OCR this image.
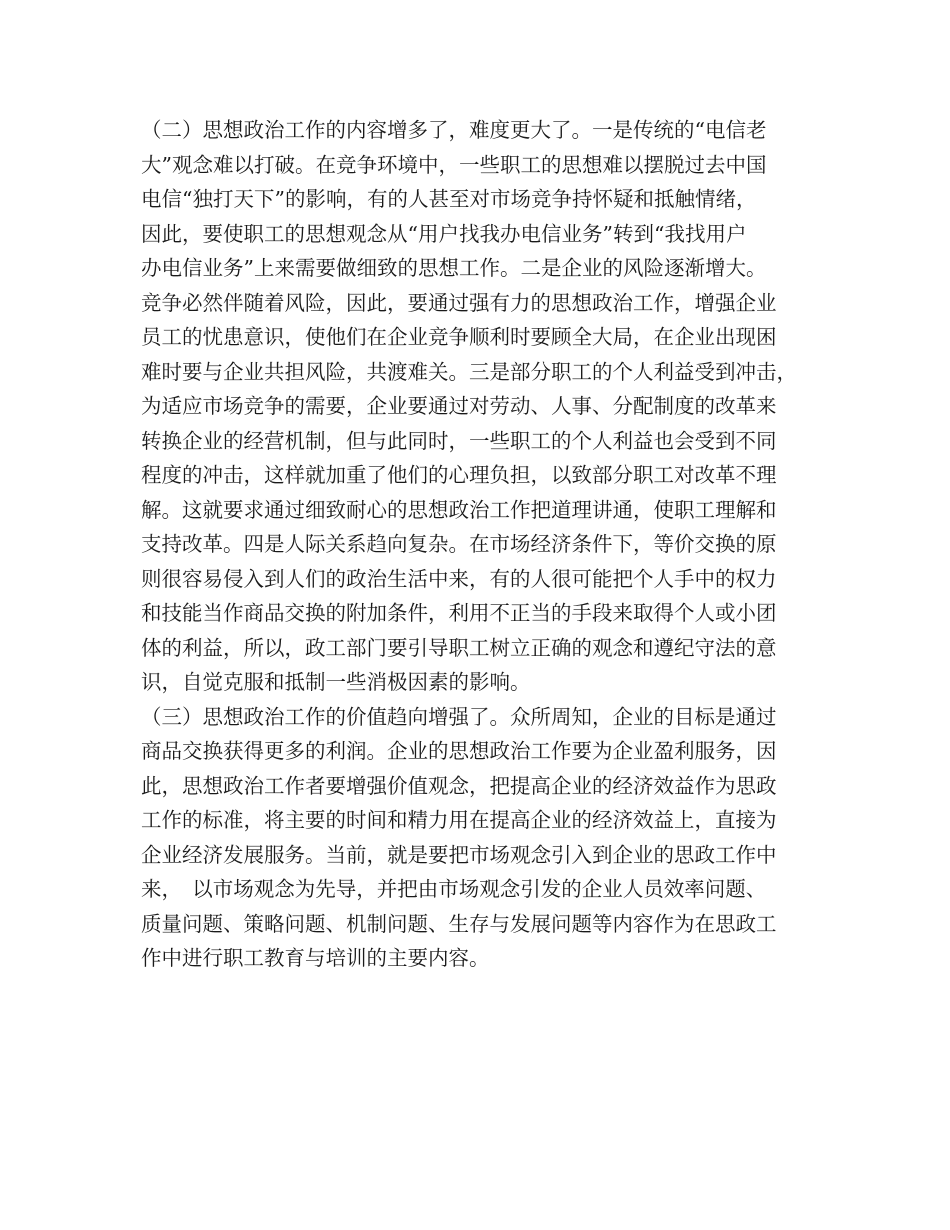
（二）思想政治工作的内容增多了，难度更大了。一是传统的“电信老
大”观念难以打破。在竞争环境中，一些职工的思想难以摆脱过去中国
电信“独打天下”的影响，有的人甚至对市场竞争持怀疑和抵触情绪，
因此，要使职工的思想观念从“用户找我办电信业务”转到“我找用户
办电信业务”上来需要做细致的思想工作。二是企业的风险逐渐增大。
竞争必然伴随着风险，因此，要通过强有力的思想政治工作，增强企业
员工的忧患意识，使他们在企业竞争顺利时要顾全大局，在企业出现困
难时要与企业共担风险，共渡难关。三是部分职工的个人利益受到冲击，
为适应市场竞争的需要，企业要通过对劳动、人事、分配制度的改革来
转换企业的经营机制，但与此同时，一些职工的个人利益也会受到不同
程度的冲击，这样就加重了他们的心理负担，以致部分职工对改革不理
解。这就要求通过细致耐心的思想政治工作把道理讲通，使职工理解和
支持改革。四是人际关系趋向复杂。在市场经济条件下，等价交换的原
则很容易侵入到人们的政治生活中来，有的人很可能把个人手中的权力
和技能当作商品交换的附加条件，利用不正当的手段来取得个人或小团
体的利益，所以，政工部门要引导职工树立正确的观念和遵纪守法的意
识，自觉克服和抵制一些消极因素的影响。
（三）思想政治工作的价值趋向增强了。众所周知，企业的目标是通过
商品交换获得更多的利润。企业的思想政治工作要为企业盈利服务，因
此，思想政治工作者要增强价值观念，把提高企业的经济效益作为思政
工作的标准，将主要的时间和精力用在提高企业的经济效益上，直接为
企业经济发展服务。当前，就是要把市场观念引入到企业的思政工作中
来，　以市场观念为先导，并把由市场观念引发的企业人员效率问题、
质量问题、策略问题、机制问题、生存与发展问题等内容作为在思政工
作中进行职工教育与培训的主要内容。
